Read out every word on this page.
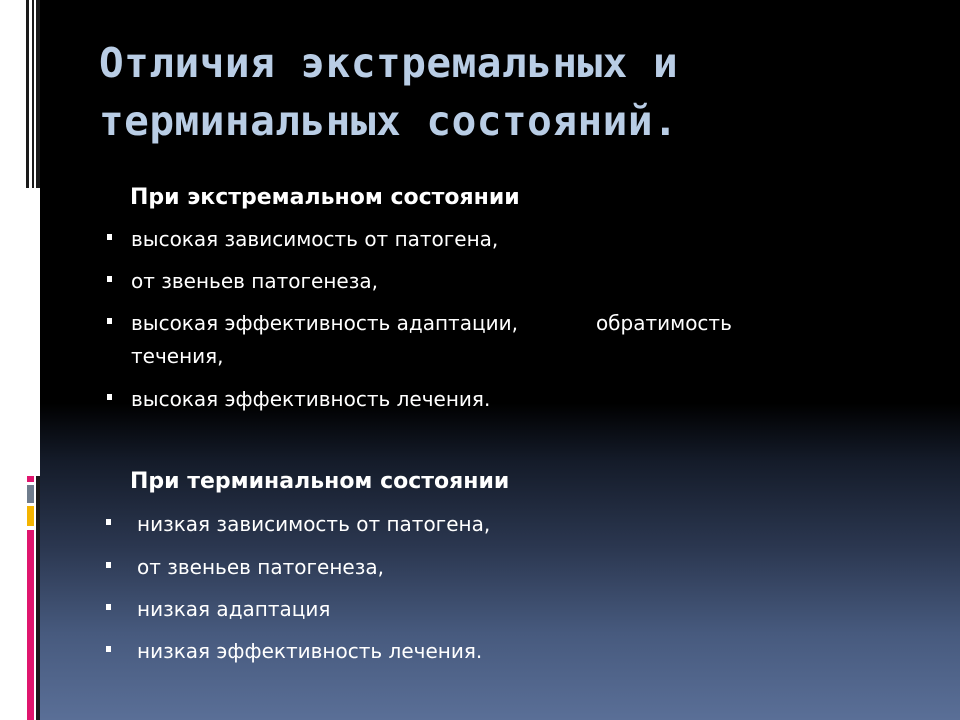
Отличия экстремальных и
терминальных состояний.
При экстремальном состоянии
высокая зависимость от патогена,
от звеньев патогенеза,
высокая эффективность адаптации,	обратимость
течения,
высокая эффективность лечения.
При терминальном состоянии
низкая зависимость от патогена,
от звеньев патогенеза,
низкая адаптация
низкая эффективность лечения.
